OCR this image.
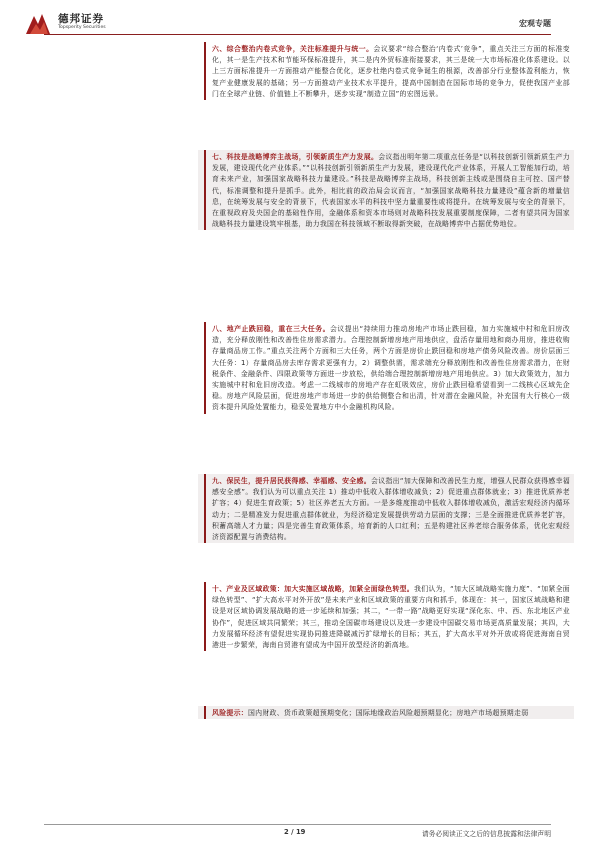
德邦证券
Topsperity Securities	宏观专题

六、综合整治内卷式竞争，关注标准提升与统一。会议要求“综合整治‘内卷式’竞争”，重点关注三方面的标准变化，其一是生产技术和节能环保标准提升，其二是内外贸标准衔接要求，其三是统一大市场标准化体系建设。以上三方面标准提升一方面推动产能整合优化，逐步杜绝内卷式竞争诞生的根源，改善部分行业整体盈利能力，恢复产业健康发展的基础；另一方面推动产业技术水平提升，提高中国制造在国际市场的竞争力，促使我国产业部门在全球产业链、价值链上不断攀升，逐步实现“制造立国”的宏图远景。

七、科技是战略博弈主战场，引领新质生产力发展。会议指出明年第二项重点任务是“以科技创新引领新质生产力发展，建设现代化产业体系。”“以科技创新引领新质生产力发展，建设现代化产业体系，开展人工智能加行动，培育未来产业，加强国家战略科技力量建设。”科技是战略博弈主战场，科技创新主线或是围绕自主可控、国产替代，标准调整和提升是抓手。此外，相比前的政治局会议而言，“加强国家战略科技力量建设”蕴含新的增量信息，在统筹发展与安全的背景下，代表国家水平的科技中坚力量重要性或将提升。在统筹发展与安全的背景下，在重视政府及央国企的基础性作用，金融体系和资本市场则对战略科技发展重要制度保障，二者有望共同为国家战略科技力量建设筑牢根基，助力我国在科技领域不断取得新突破，在战略博弈中占据优势地位。

八、地产止跌回稳，重在三大任务。会议提出“持续用力推动房地产市场止跌回稳，加力实施城中村和危旧房改造，充分释放刚性和改善性住房需求潜力。合理控制新增房地产用地供应，盘活存量用地和商办用房，推进收购存量商品房工作。”重点关注两个方面和三大任务，两个方面是房价止跌回稳和房地产债务风险改善。房价层面三大任务：1）存量商品房去库存需求更强有力，2）调整供需，需求端充分释放刚性和改善性住房需求潜力，在财税条件、金融条件、四限政策等方面进一步放松，供给端合理控制新增房地产用地供应。3）加大政策效力，加力实施城中村和危旧房改造。考虑一二线城市的房地产存在虹吸效应，房价止跌回稳希望看到一二线核心区域先企稳。房地产风险层面，促进房地产市场进一步的供给侧整合和出清，针对潜在金融风险，补充国有大行核心一级资本提升风险处置能力，稳妥处置地方中小金融机构风险。

九、保民生，提升居民获得感、幸福感、安全感。会议指出“加大保障和改善民生力度，增强人民群众获得感幸福感安全感”。我们认为可以重点关注 1）推动中低收入群体增收减负；2）促进重点群体就业；3）推进优质养老扩容；4）促进生育政策；5）社区养老五大方面。一是多维度推动中低收入群体增收减负，激活宏观经济内循环动力；二是精准发力促进重点群体就业，为经济稳定发展提供劳动力层面的支撑；三是全面推进优质养老扩容，积蓄高端人才力量；四是完善生育政策体系，培育新的人口红利；五是构建社区养老综合服务体系，优化宏观经济资源配置与消费结构。

十、产业及区域政策：加大实施区域战略，加紧全面绿色转型。我们认为，“加大区域战略实施力度”、“加紧全面绿色转型”、“扩大高水平对外开放”是未来产业和区域政策的重要方向和抓手，体现在：其一，国家区域战略和建设是对区域协调发展战略的进一步延续和加强；其二，“一带一路”战略更好实现“深化东、中、西、东北地区产业协作”，促进区域共同繁荣；其三，推动全国碳市场建设以及进一步建设中国碳交易市场更高质量发展；其四，大力发展循环经济有望促进实现协同推进降碳减污扩绿增长的目标；其五，扩大高水平对外开放或将促进海南自贸港进一步繁荣，海南自贸港有望成为中国开放型经济的新高地。

风险提示：国内财政、货币政策超预期变化；国际地缘政治风险超预期显化；房地产市场超预期走弱

2 / 19	请务必阅读正文之后的信息披露和法律声明
